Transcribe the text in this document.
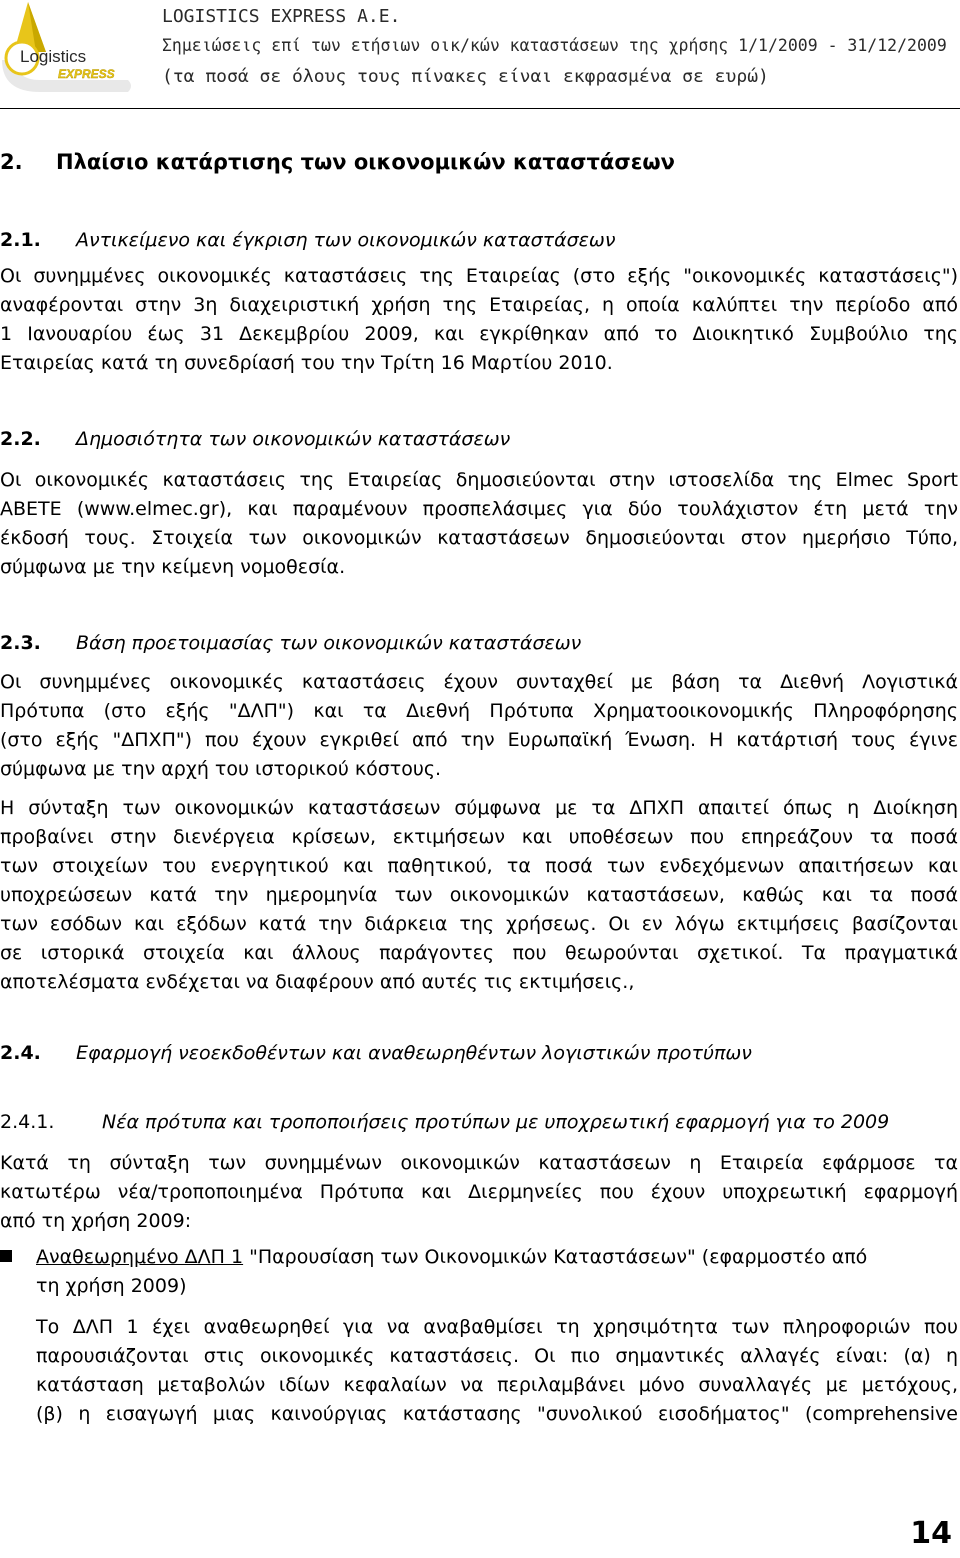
Logistics
EXPRESS
LOGISTICS EXPRESS A.E.
Σημειώσεις επί των ετήσιων οικ/κών καταστάσεων της χρήσης 1/1/2009 - 31/12/2009
(τα ποσά σε όλους τους πίνακες είναι εκφρασμένα σε ευρώ)
2. Πλαίσιο κατάρτισης των οικονομικών καταστάσεων
2.1. Αντικείμενο και έγκριση των οικονομικών καταστάσεων
Οι συνημμένες οικονομικές καταστάσεις της Εταιρείας (στο εξής "οικονομικές καταστάσεις")
αναφέρονται στην 3η διαχειριστική χρήση της Εταιρείας, η οποία καλύπτει την περίοδο από
1 Ιανουαρίου έως 31 Δεκεμβρίου 2009, και εγκρίθηκαν από το Διοικητικό Συμβούλιο της
Εταιρείας κατά τη συνεδρίασή του την Τρίτη 16 Μαρτίου 2010.
2.2. Δημοσιότητα των οικονομικών καταστάσεων
Οι οικονομικές καταστάσεις της Εταιρείας δημοσιεύονται στην ιστοσελίδα της Elmec Sport
ΑΒΕΤΕ (www.elmec.gr), και παραμένουν προσπελάσιμες για δύο τουλάχιστον έτη μετά την
έκδοσή τους. Στοιχεία των οικονομικών καταστάσεων δημοσιεύονται στον ημερήσιο Τύπο,
σύμφωνα με την κείμενη νομοθεσία.
2.3. Βάση προετοιμασίας των οικονομικών καταστάσεων
Οι συνημμένες οικονομικές καταστάσεις έχουν συνταχθεί με βάση τα Διεθνή Λογιστικά
Πρότυπα (στο εξής "ΔΛΠ") και τα Διεθνή Πρότυπα Χρηματοοικονομικής Πληροφόρησης
(στο εξής "ΔΠΧΠ") που έχουν εγκριθεί από την Ευρωπαϊκή Ένωση. Η κατάρτισή τους έγινε
σύμφωνα με την αρχή του ιστορικού κόστους.
Η σύνταξη των οικονομικών καταστάσεων σύμφωνα με τα ΔΠΧΠ απαιτεί όπως η Διοίκηση
προβαίνει στην διενέργεια κρίσεων, εκτιμήσεων και υποθέσεων που επηρεάζουν τα ποσά
των στοιχείων του ενεργητικού και παθητικού, τα ποσά των ενδεχόμενων απαιτήσεων και
υποχρεώσεων κατά την ημερομηνία των οικονομικών καταστάσεων, καθώς και τα ποσά
των εσόδων και εξόδων κατά την διάρκεια της χρήσεως. Οι εν λόγω εκτιμήσεις βασίζονται
σε ιστορικά στοιχεία και άλλους παράγοντες που θεωρούνται σχετικοί. Τα πραγματικά
αποτελέσματα ενδέχεται να διαφέρουν από αυτές τις εκτιμήσεις.,
2.4. Εφαρμογή νεοεκδοθέντων και αναθεωρηθέντων λογιστικών προτύπων
2.4.1.	Νέα πρότυπα και τροποποιήσεις προτύπων με υποχρεωτική εφαρμογή για το 2009
Κατά τη σύνταξη των συνημμένων οικονομικών καταστάσεων η Εταιρεία εφάρμοσε τα
κατωτέρω νέα/τροποποιημένα Πρότυπα και Διερμηνείες που έχουν υποχρεωτική εφαρμογή
από τη χρήση 2009:
Αναθεωρημένο ΔΛΠ 1 "Παρουσίαση των Οικονομικών Καταστάσεων" (εφαρμοστέο από
τη χρήση 2009)
Το ΔΛΠ 1 έχει αναθεωρηθεί για να αναβαθμίσει τη χρησιμότητα των πληροφοριών που
παρουσιάζονται στις οικονομικές καταστάσεις. Οι πιο σημαντικές αλλαγές είναι: (α) η
κατάσταση μεταβολών ιδίων κεφαλαίων να περιλαμβάνει μόνο συναλλαγές με μετόχους,
(β) η εισαγωγή μιας καινούργιας κατάστασης "συνολικού εισοδήματος" (comprehensive
14
